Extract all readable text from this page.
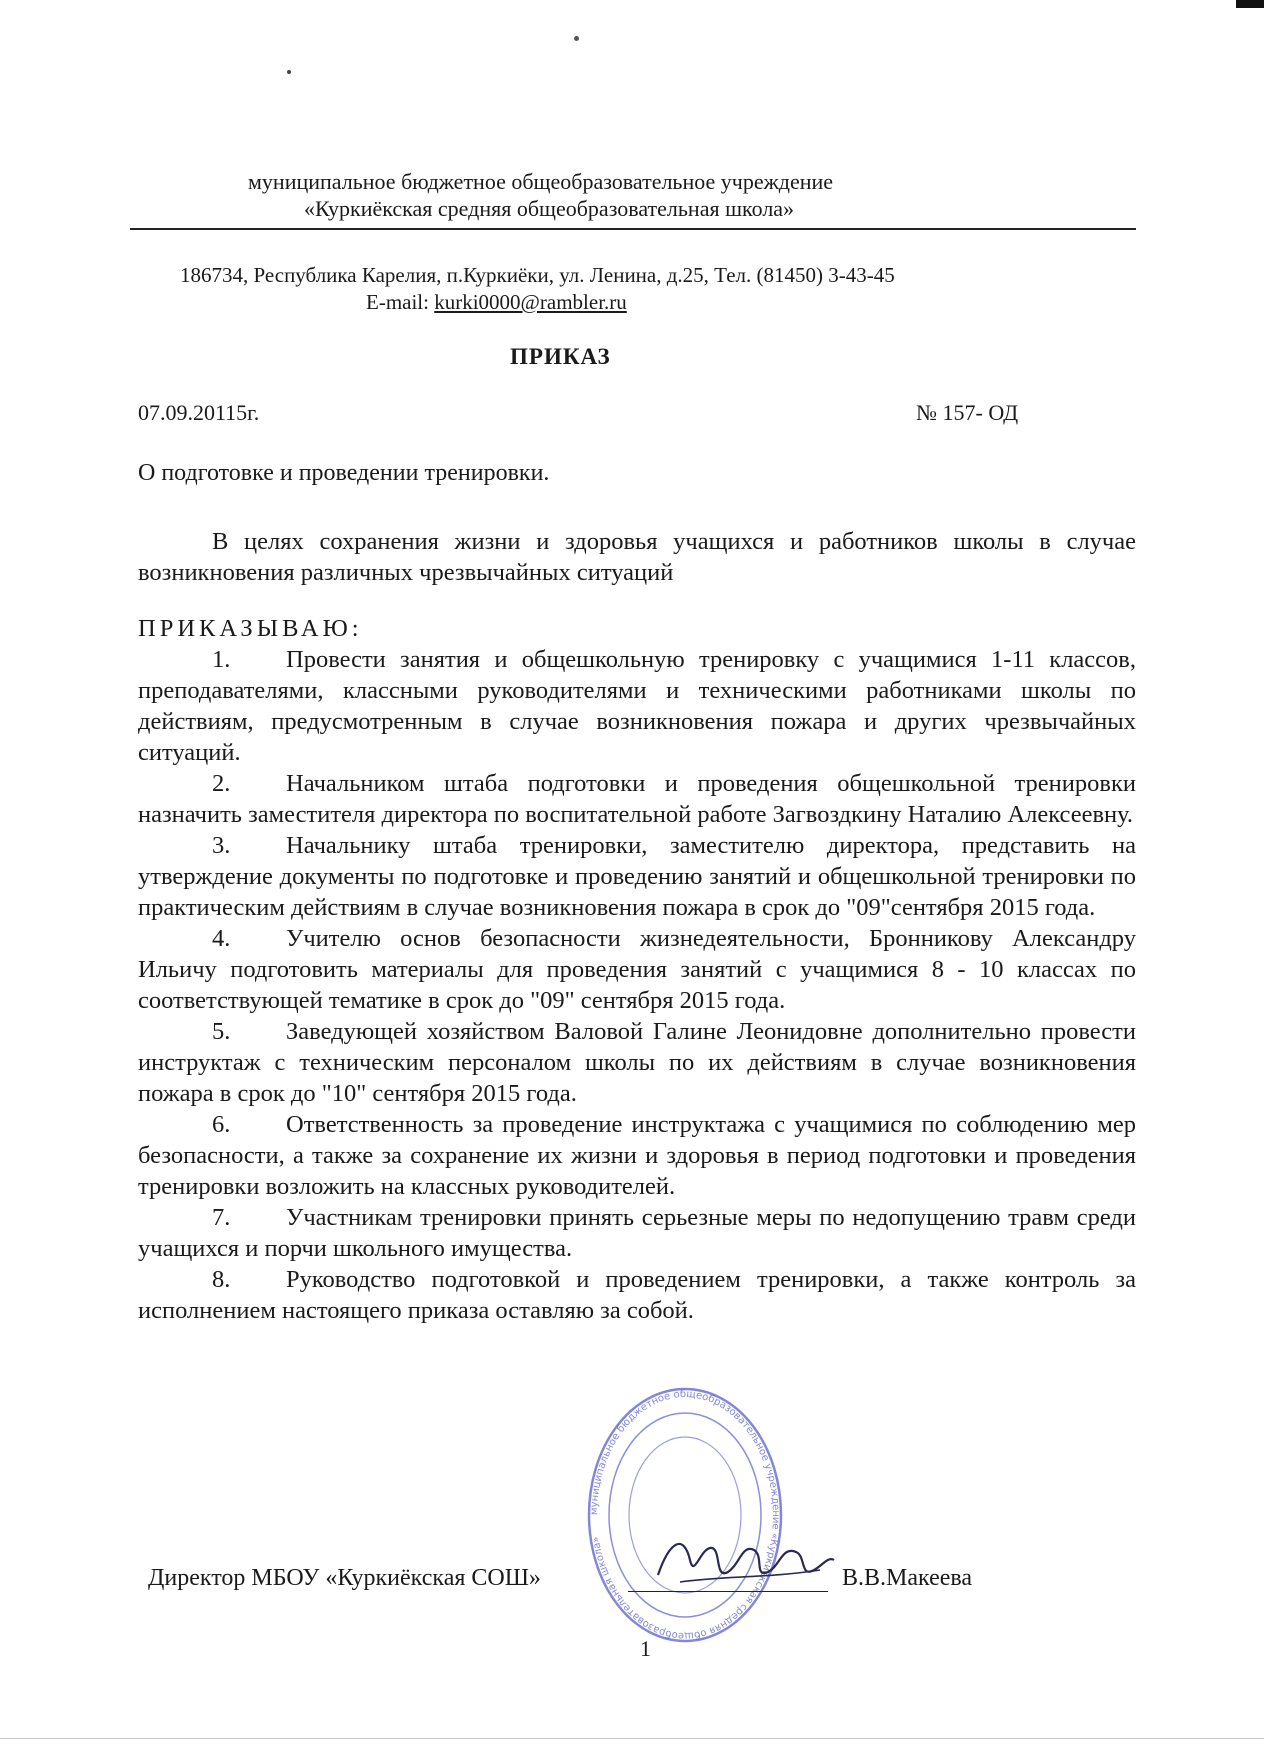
муниципальное бюджетное общеобразовательное учреждение
«Куркиёкская средняя общеобразовательная школа»
186734, Республика Карелия, п.Куркиёки, ул. Ленина, д.25, Тел. (81450) 3-43-45
E-mail: kurki0000@rambler.ru
ПРИКАЗ
07.09.20115г.	№ 157- ОД
О подготовке и проведении тренировки.

В целях сохранения жизни и здоровья учащихся и работников школы в случае возникновения различных чрезвычайных ситуаций

ПРИКАЗЫВАЮ:

1. Провести занятия и общешкольную тренировку с учащимися 1-11 классов, преподавателями, классными руководителями и техническими работниками школы по действиям, предусмотренным в случае возникновения пожара и других чрезвычайных ситуаций.

2. Начальником штаба подготовки и проведения общешкольной тренировки назначить заместителя директора по воспитательной работе Загвоздкину Наталию Алексеевну.

3. Начальнику штаба тренировки, заместителю директора, представить на утверждение документы по подготовке и проведению занятий и общешкольной тренировки по практическим действиям в случае возникновения пожара в срок до "09"сентября 2015 года.

4. Учителю основ безопасности жизнедеятельности, Бронникову Александру Ильичу подготовить материалы для проведения занятий с учащимися 8 - 10 классах по соответствующей тематике в срок до "09" сентября 2015 года.

5. Заведующей хозяйством Валовой Галине Леонидовне дополнительно провести инструктаж с техническим персоналом школы по их действиям в случае возникновения пожара в срок до "10" сентября 2015 года.

6. Ответственность за проведение инструктажа с учащимися по соблюдению мер безопасности, а также за сохранение их жизни и здоровья в период подготовки и проведения тренировки возложить на классных руководителей.

7. Участникам тренировки принять серьезные меры по недопущению травм среди учащихся и порчи школьного имущества.

8. Руководство подготовкой и проведением тренировки, а также контроль за исполнением настоящего приказа оставляю за собой.

муниципальное бюджетное общеобразовательное учреждение «Куркиёкская средняя общеобразовательная школа»
Директор МБОУ «Куркиёкская СОШ»	В.В.Макеева
1
